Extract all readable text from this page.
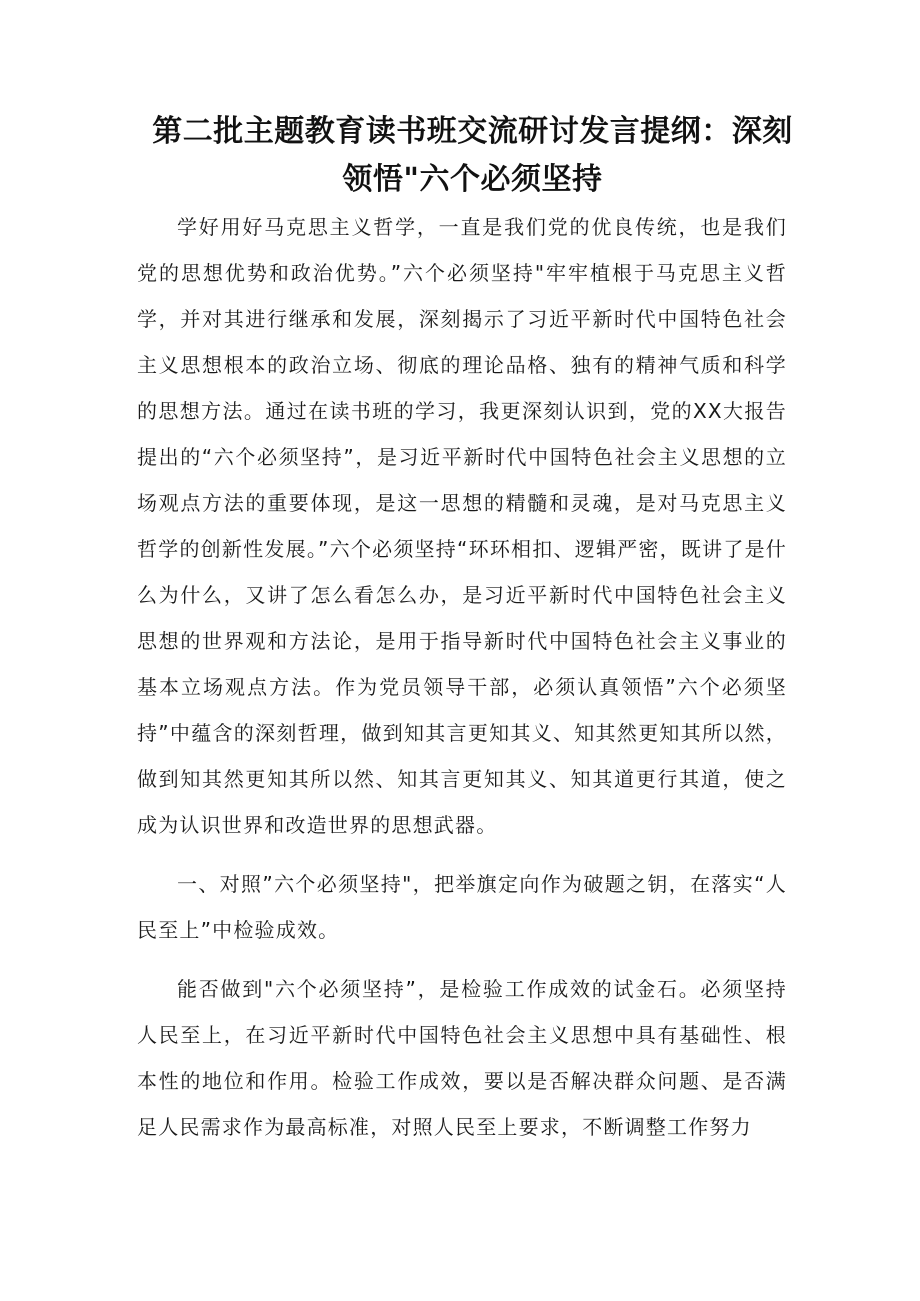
第二批主题教育读书班交流研讨发言提纲：深刻领悟"六个必须坚持

学好用好马克思主义哲学，一直是我们党的优良传统，也是我们党的思想优势和政治优势。”六个必须坚持"牢牢植根于马克思主义哲学，并对其进行继承和发展，深刻揭示了习近平新时代中国特色社会主义思想根本的政治立场、彻底的理论品格、独有的精神气质和科学的思想方法。通过在读书班的学习，我更深刻认识到，党的XX大报告提出的“六个必须坚持”，是习近平新时代中国特色社会主义思想的立场观点方法的重要体现，是这一思想的精髓和灵魂，是对马克思主义哲学的创新性发展。”六个必须坚持“环环相扣、逻辑严密，既讲了是什么为什么，又讲了怎么看怎么办，是习近平新时代中国特色社会主义思想的世界观和方法论，是用于指导新时代中国特色社会主义事业的基本立场观点方法。作为党员领导干部，必须认真领悟”六个必须坚持”中蕴含的深刻哲理，做到知其言更知其义、知其然更知其所以然，做到知其然更知其所以然、知其言更知其义、知其道更行其道，使之成为认识世界和改造世界的思想武器。

一、对照”六个必须坚持"，把举旗定向作为破题之钥，在落实“人民至上”中检验成效。

能否做到"六个必须坚持”，是检验工作成效的试金石。必须坚持人民至上，在习近平新时代中国特色社会主义思想中具有基础性、根本性的地位和作用。检验工作成效，要以是否解决群众问题、是否满足人民需求作为最高标准，对照人民至上要求，不断调整工作努力
